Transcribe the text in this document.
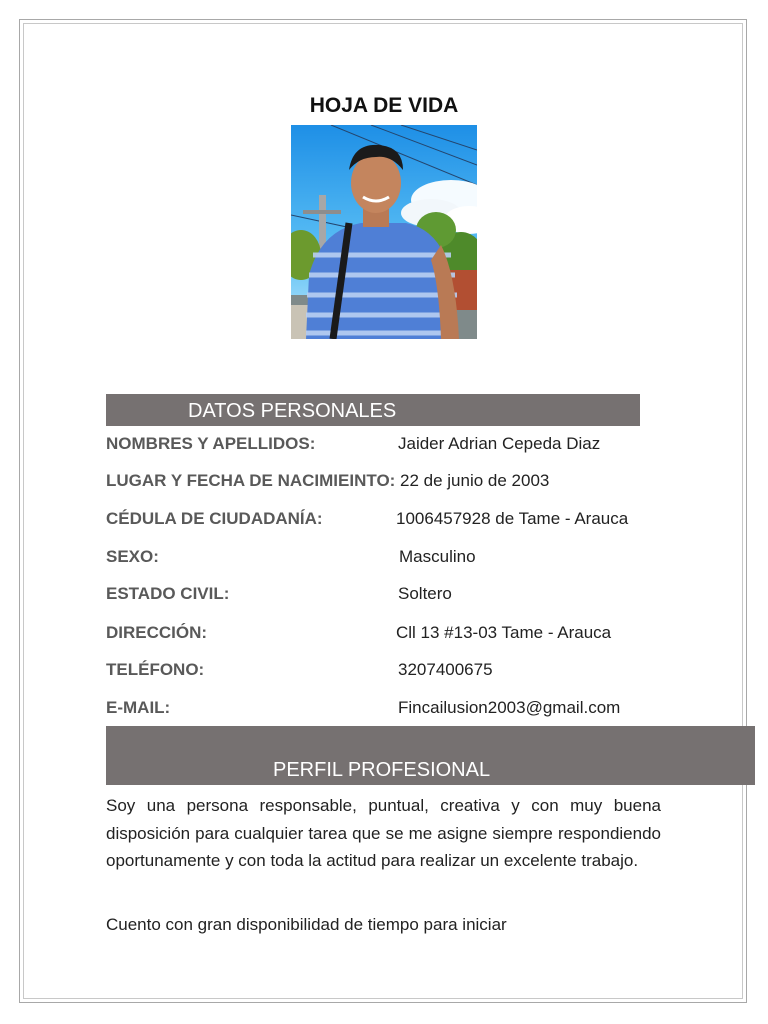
HOJA DE VIDA
DATOS PERSONALES
NOMBRES Y APELLIDOS:	Jaider Adrian Cepeda Diaz
LUGAR Y FECHA DE NACIMIEINTO: 22 de junio de 2003
CÉDULA DE CIUDADANÍA:	1006457928 de Tame - Arauca
SEXO:	Masculino
ESTADO CIVIL:	Soltero
DIRECCIÓN:	Cll 13 #13-03 Tame - Arauca
TELÉFONO:	3207400675
E-MAIL:	Fincailusion2003@gmail.com
PERFIL PROFESIONAL
Soy una persona responsable, puntual, creativa y con muy buena disposición para cualquier tarea que se me asigne siempre respondiendo oportunamente y con toda la actitud para realizar un excelente trabajo.
Cuento con gran disponibilidad de tiempo para iniciar
